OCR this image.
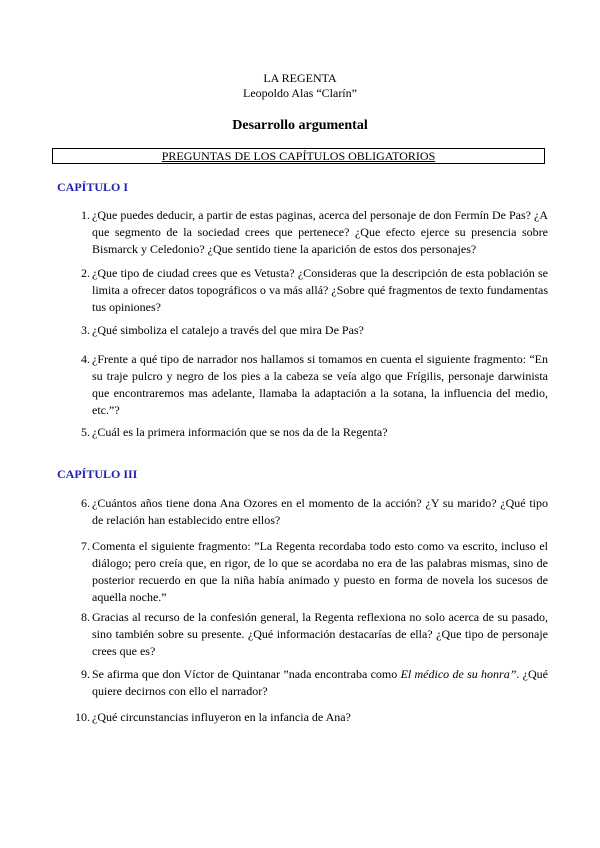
LA REGENTA
Leopoldo Alas “Clarín”
Desarrollo argumental
PREGUNTAS DE LOS CAPÍTULOS OBLIGATORIOS
CAPÍTULO I
1. ¿Que puedes deducir, a partir de estas paginas, acerca del personaje de don Fermín De Pas? ¿A que segmento de la sociedad crees que pertenece? ¿Que efecto ejerce su presencia sobre Bismarck y Celedonio? ¿Que sentido tiene la aparición de estos dos personajes?
2. ¿Que tipo de ciudad crees que es Vetusta? ¿Consideras que la descripción de esta población se limita a ofrecer datos topográficos o va más allá? ¿Sobre qué fragmentos de texto fundamentas tus opiniones?
3. ¿Qué simboliza el catalejo a través del que mira De Pas?
4. ¿Frente a qué tipo de narrador nos hallamos si tomamos en cuenta el siguiente fragmento: “En su traje pulcro y negro de los pies a la cabeza se veía algo que Frígilis, personaje darwinista que encontraremos mas adelante, llamaba la adaptación a la sotana, la influencia del medio, etc.”?
5. ¿Cuál es la primera información que se nos da de la Regenta?
CAPÍTULO III
6. ¿Cuántos años tiene dona Ana Ozores en el momento de la acción? ¿Y su marido? ¿Qué tipo de relación han establecido entre ellos?
7. Comenta el siguiente fragmento: ”La Regenta recordaba todo esto como va escrito, incluso el diálogo; pero creía que, en rigor, de lo que se acordaba no era de las palabras mismas, sino de posterior recuerdo en que la niña había animado y puesto en forma de novela los sucesos de aquella noche.”
8. Gracias al recurso de la confesión general, la Regenta reflexiona no solo acerca de su pasado, sino también sobre su presente. ¿Qué información destacarías de ella? ¿Que tipo de personaje crees que es?
9. Se afirma que don Víctor de Quintanar ”nada encontraba como El médico de su honra”. ¿Qué quiere decirnos con ello el narrador?
10. ¿Qué circunstancias influyeron en la infancia de Ana?
